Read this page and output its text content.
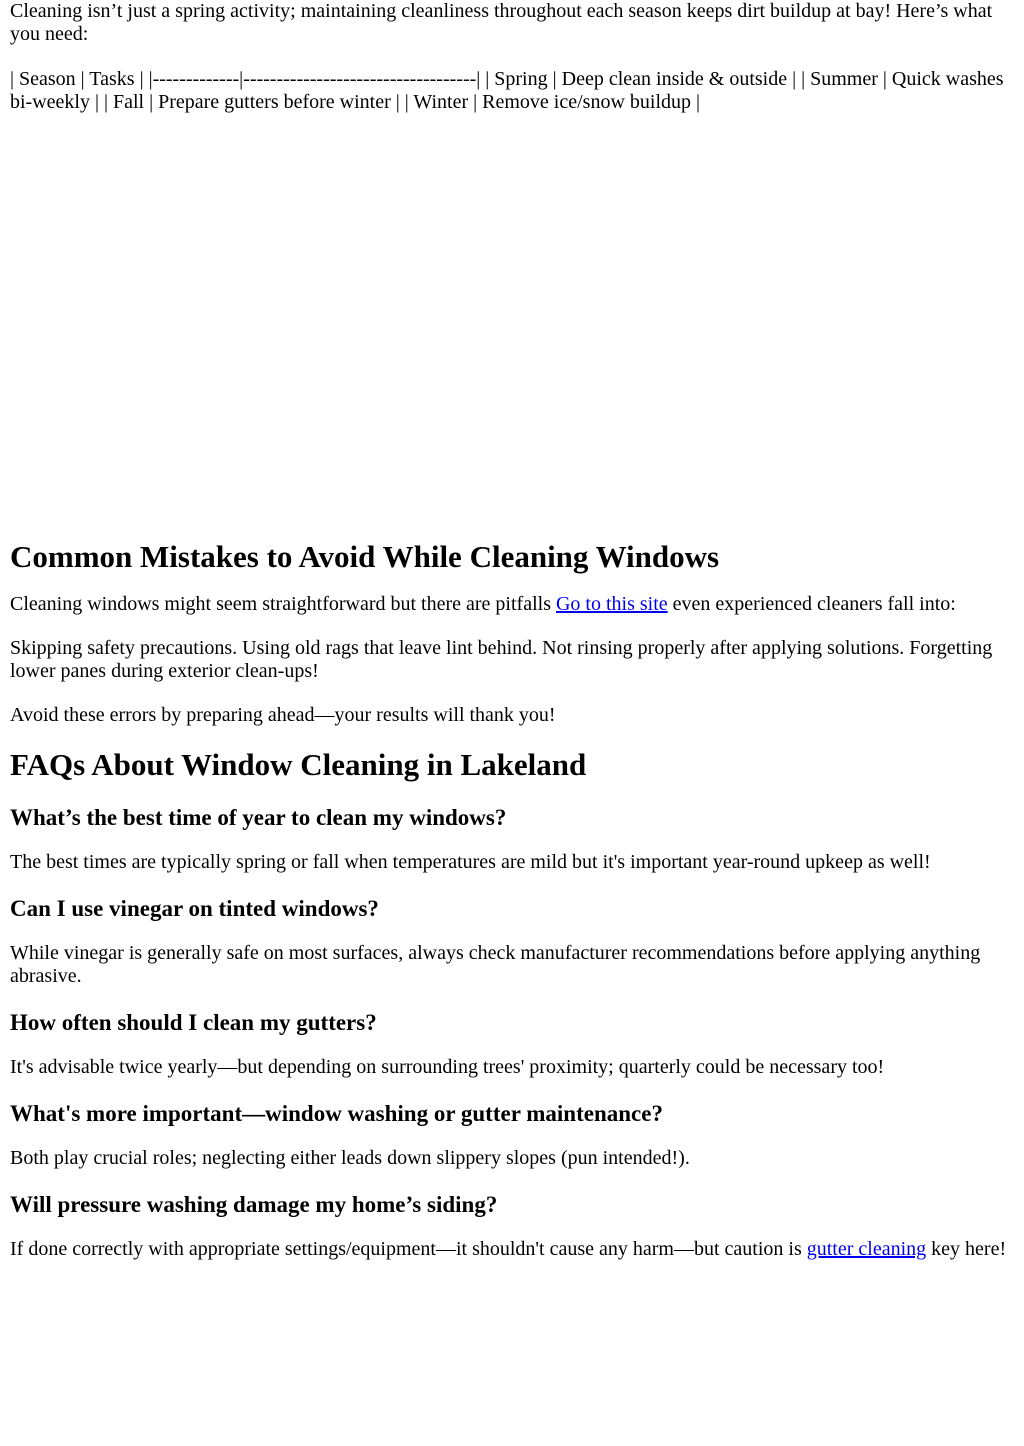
Cleaning isn’t just a spring activity; maintaining cleanliness throughout each season keeps dirt buildup at bay! Here’s what you need:

| Season | Tasks | |-------------|-----------------------------------| | Spring | Deep clean inside & outside | | Summer | Quick washes bi-weekly | | Fall | Prepare gutters before winter | | Winter | Remove ice/snow buildup |

Common Mistakes to Avoid While Cleaning Windows

Cleaning windows might seem straightforward but there are pitfalls Go to this site even experienced cleaners fall into:

Skipping safety precautions. Using old rags that leave lint behind. Not rinsing properly after applying solutions. Forgetting lower panes during exterior clean-ups!

Avoid these errors by preparing ahead—your results will thank you!

FAQs About Window Cleaning in Lakeland
What’s the best time of year to clean my windows?

The best times are typically spring or fall when temperatures are mild but it's important year-round upkeep as well!

Can I use vinegar on tinted windows?

While vinegar is generally safe on most surfaces, always check manufacturer recommendations before applying anything abrasive.

How often should I clean my gutters?

It's advisable twice yearly—but depending on surrounding trees' proximity; quarterly could be necessary too!

What's more important—window washing or gutter maintenance?

Both play crucial roles; neglecting either leads down slippery slopes (pun intended!).

Will pressure washing damage my home’s siding?

If done correctly with appropriate settings/equipment—it shouldn't cause any harm—but caution is gutter cleaning key here!
